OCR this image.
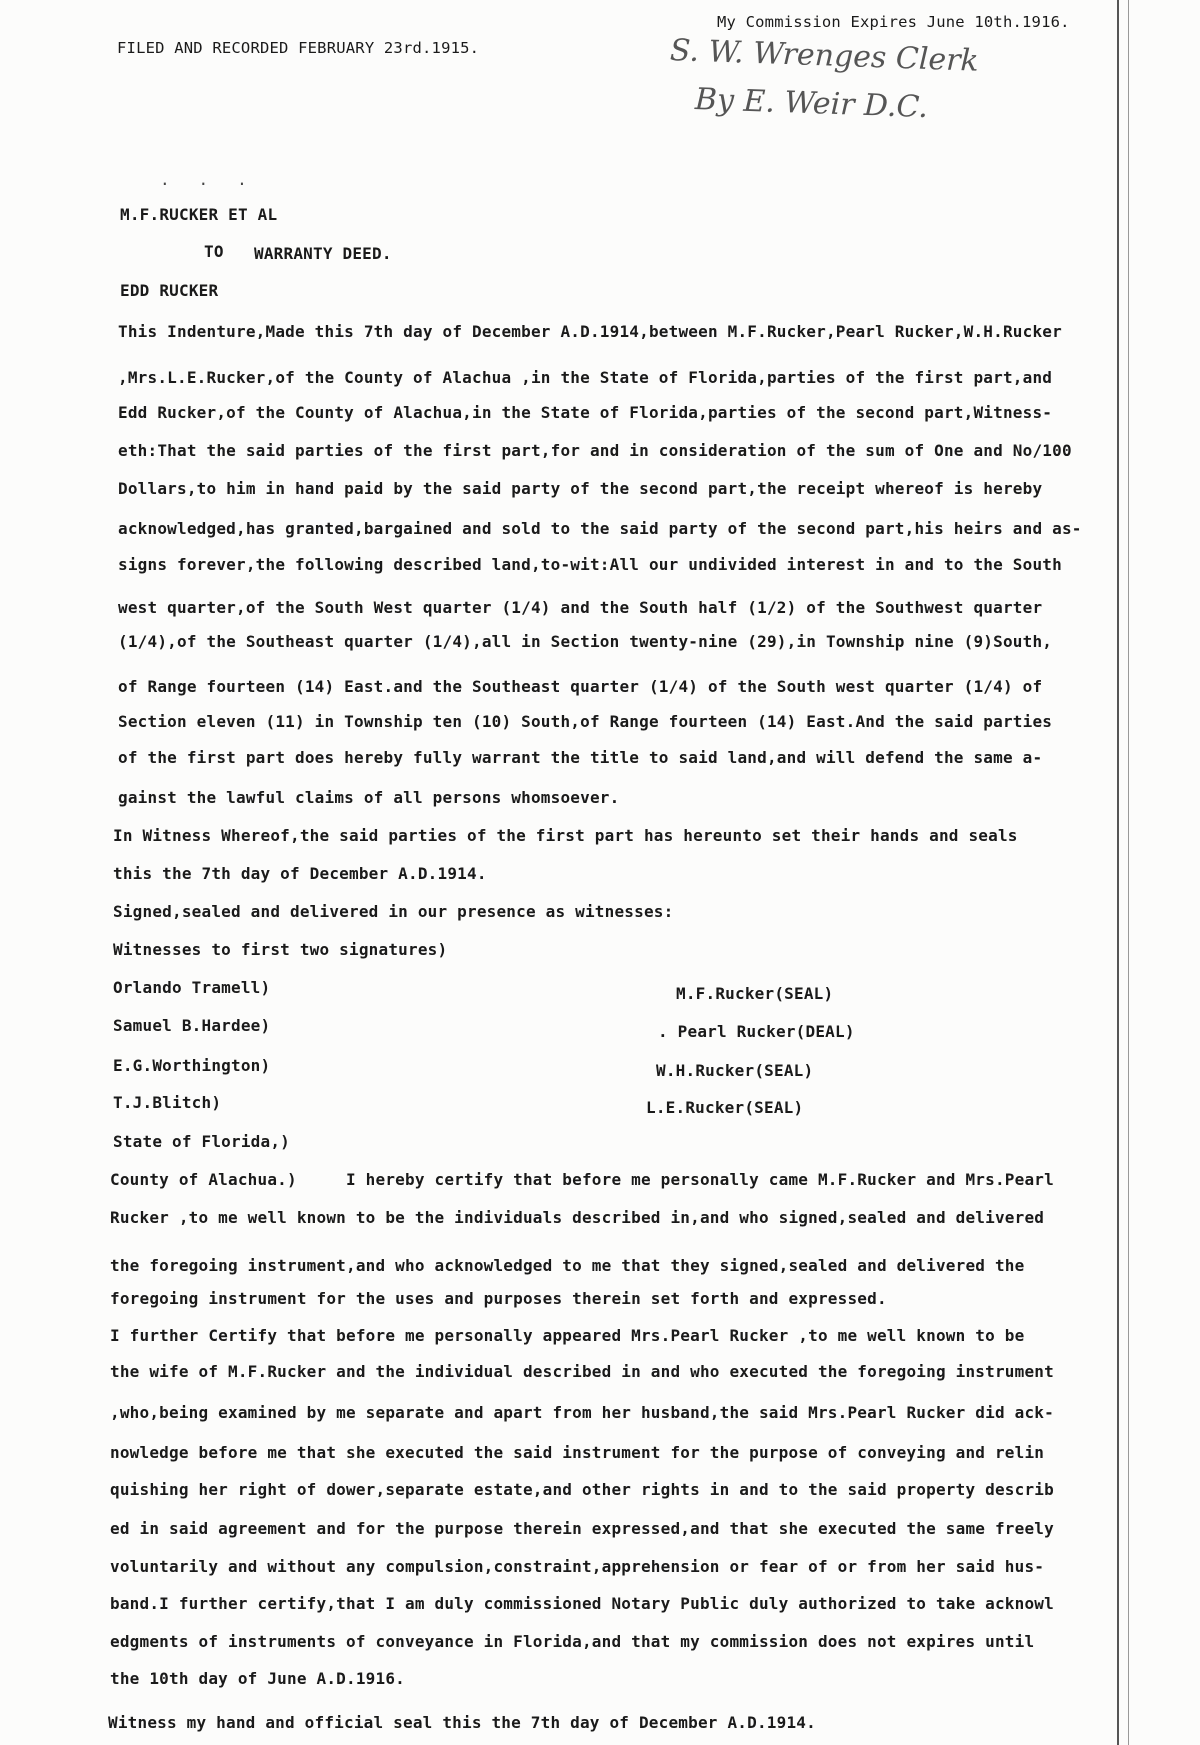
FILED AND RECORDED FEBRUARY 23rd.1915.
My Commission Expires June 10th.1916.
S. W. Wrenges Clerk
By E. Weir D.C.
.   .   .
M.F.RUCKER ET AL
TO WARRANTY DEED.
EDD RUCKER
This Indenture,Made this 7th day of December A.D.1914,between M.F.Rucker,Pearl Rucker,W.H.Rucker
,Mrs.L.E.Rucker,of the County of Alachua ,in the State of Florida,parties of the first part,and
Edd Rucker,of the County of Alachua,in the State of Florida,parties of the second part,Witness-
eth:That the said parties of the first part,for and in consideration of the sum of One and No/100
Dollars,to him in hand paid by the said party of the second part,the receipt whereof is hereby
acknowledged,has granted,bargained and sold to the said party of the second part,his heirs and as-
signs forever,the following described land,to-wit:All our undivided interest in and to the South
west quarter,of the South West quarter (1/4) and the South half (1/2) of the Southwest quarter
(1/4),of the Southeast quarter (1/4),all in Section twenty-nine (29),in Township nine (9)South,
of Range fourteen (14) East.and the Southeast quarter (1/4) of the South west quarter (1/4) of
Section eleven (11) in Township ten (10) South,of Range fourteen (14) East.And the said parties
of the first part does hereby fully warrant the title to said land,and will defend the same a-
gainst the lawful claims of all persons whomsoever.
In Witness Whereof,the said parties of the first part has hereunto set their hands and seals
this the 7th day of December A.D.1914.
Signed,sealed and delivered in our presence as witnesses:
Witnesses to first two signatures)
Orlando Tramell)
Samuel B.Hardee)
E.G.Worthington)
T.J.Blitch)
M.F.Rucker(SEAL)
. Pearl Rucker(DEAL)
W.H.Rucker(SEAL)
L.E.Rucker(SEAL)
State of Florida,)
County of Alachua.)     I hereby certify that before me personally came M.F.Rucker and Mrs.Pearl
Rucker ,to me well known to be the individuals described in,and who signed,sealed and delivered
the foregoing instrument,and who acknowledged to me that they signed,sealed and delivered the
foregoing instrument for the uses and purposes therein set forth and expressed.
I further Certify that before me personally appeared Mrs.Pearl Rucker ,to me well known to be
the wife of M.F.Rucker and the individual described in and who executed the foregoing instrument
,who,being examined by me separate and apart from her husband,the said Mrs.Pearl Rucker did ack-
nowledge before me that she executed the said instrument for the purpose of conveying and relin
quishing her right of dower,separate estate,and other rights in and to the said property describ
ed in said agreement and for the purpose therein expressed,and that she executed the same freely
voluntarily and without any compulsion,constraint,apprehension or fear of or from her said hus-
band.I further certify,that I am duly commissioned Notary Public duly authorized to take acknowl
edgments of instruments of conveyance in Florida,and that my commission does not expires until
the 10th day of June A.D.1916.
Witness my hand and official seal this the 7th day of December A.D.1914.
